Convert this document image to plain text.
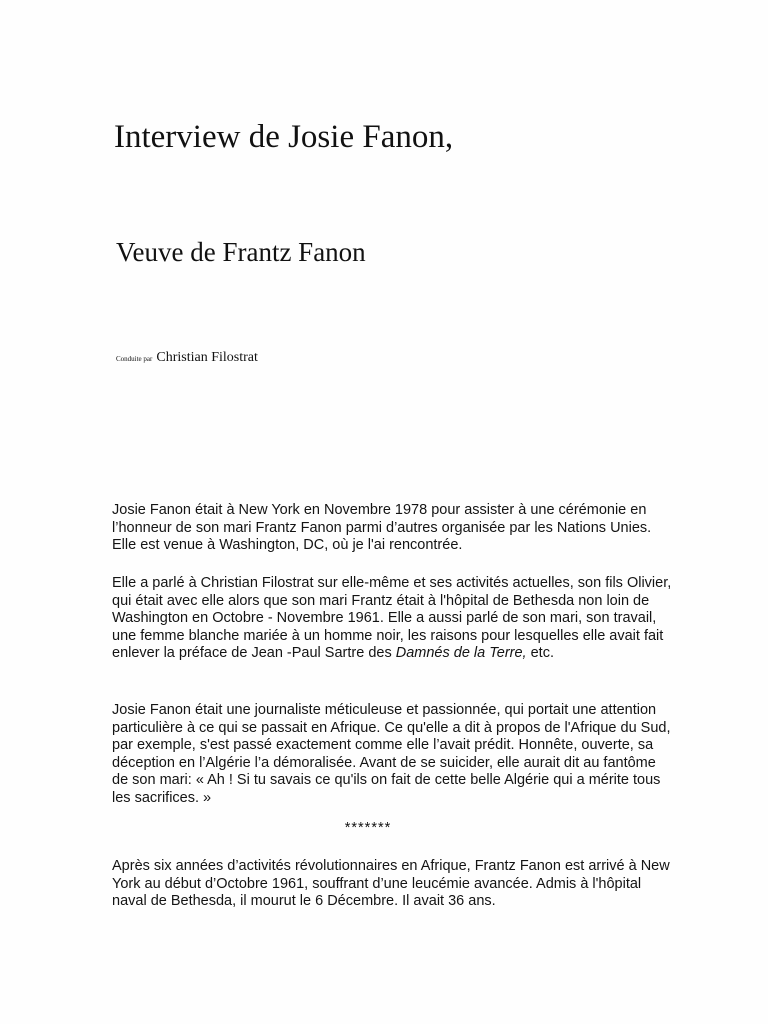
Interview de Josie Fanon,
Veuve de Frantz Fanon
Conduite par Christian Filostrat

Josie Fanon était à New York en Novembre 1978 pour assister à une cérémonie en l’honneur de son mari Frantz Fanon parmi d’autres organisée par les Nations Unies. Elle est venue à Washington, DC, où je l'ai rencontrée.

Elle a parlé à Christian Filostrat sur elle-même et ses activités actuelles, son fils Olivier, qui était avec elle alors que son mari Frantz était à l'hôpital de Bethesda non loin de Washington en Octobre - Novembre 1961. Elle a aussi parlé de son mari, son travail, une femme blanche mariée à un homme noir, les raisons pour lesquelles elle avait fait enlever la préface de Jean -Paul Sartre des Damnés de la Terre, etc.

Josie Fanon était une journaliste méticuleuse et passionnée, qui portait une attention particulière à ce qui se passait en Afrique. Ce qu'elle a dit à propos de l'Afrique du Sud, par exemple, s'est passé exactement comme elle l’avait prédit. Honnête, ouverte, sa déception en l’Algérie l’a démoralisée. Avant de se suicider, elle aurait dit au fantôme de son mari: « Ah ! Si tu savais ce qu'ils on fait de cette belle Algérie qui a mérite tous les sacrifices. »

*******

Après six années d’activités révolutionnaires en Afrique, Frantz Fanon est arrivé à New York au début d’Octobre 1961, souffrant d’une leucémie avancée. Admis à l'hôpital naval de Bethesda, il mourut le 6 Décembre. Il avait 36 ans.
